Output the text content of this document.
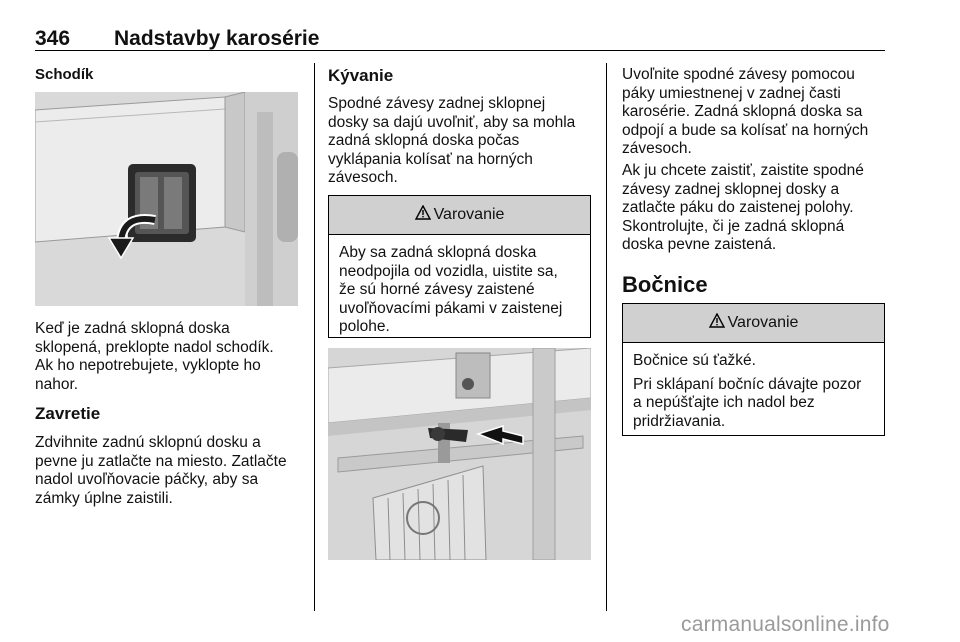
346 Nadstavby karosérie
Schodík
Keď je zadná sklopná doska
sklopená, preklopte nadol schodík.
Ak ho nepotrebujete, vyklopte ho
nahor.
Zavretie
Zdvihnite zadnú sklopnú dosku a
pevne ju zatlačte na miesto. Zatlačte
nadol uvoľňovacie páčky, aby sa
zámky úplne zaistili.
Kývanie
Spodné závesy zadnej sklopnej
dosky sa dajú uvoľniť, aby sa mohla
zadná sklopná doska počas
vyklápania kolísať na horných
závesoch.
Varovanie
Aby sa zadná sklopná doska
neodpojila od vozidla, uistite sa,
že sú horné závesy zaistené
uvoľňovacími pákami v zaistenej
polohe.
Uvoľnite spodné závesy pomocou
páky umiestnenej v zadnej časti
karosérie. Zadná sklopná doska sa
odpojí a bude sa kolísať na horných
závesoch.
Ak ju chcete zaistiť, zaistite spodné
závesy zadnej sklopnej dosky a
zatlačte páku do zaistenej polohy.
Skontrolujte, či je zadná sklopná
doska pevne zaistená.
Bočnice
Varovanie

Bočnice sú ťažké.

Pri sklápaní bočníc dávajte pozor
a nepúšťajte ich nadol bez
pridržiavania.
carmanualsonline.info
